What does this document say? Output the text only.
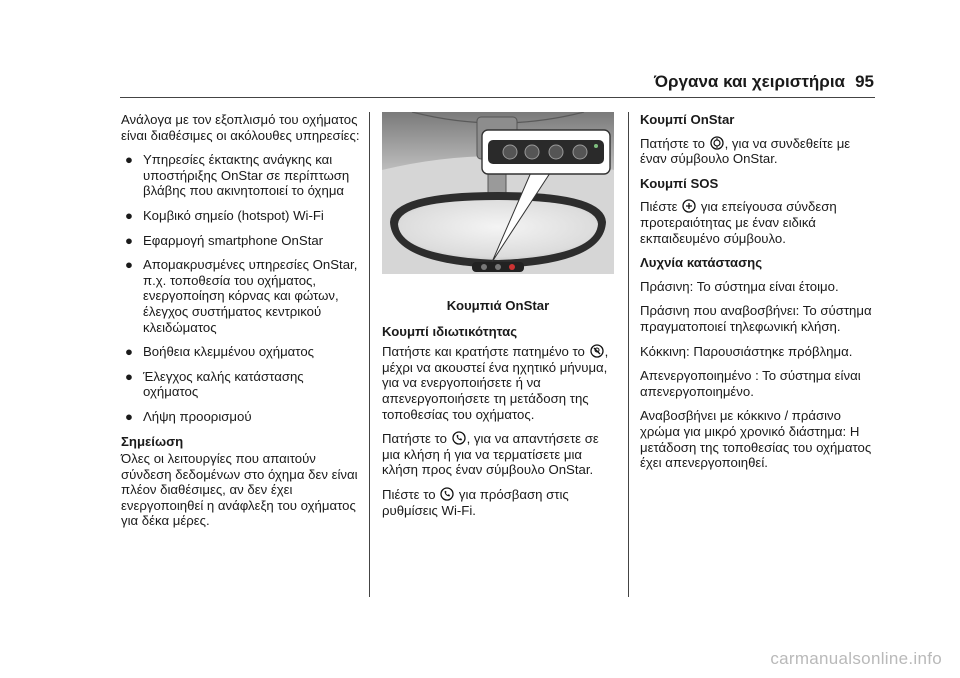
Όργανα και χειριστήρια 95

Ανάλογα με τον εξοπλισμό του οχήματος είναι διαθέσιμες οι ακόλουθες υπηρεσίες:

● Υπηρεσίες έκτακτης ανάγκης και υποστήριξης OnStar σε περίπτωση βλάβης που ακινητοποιεί το όχημα
● Κομβικό σημείο (hotspot) Wi-Fi
● Εφαρμογή smartphone OnStar
● Απομακρυσμένες υπηρεσίες OnStar, π.χ. τοποθεσία του οχήματος, ενεργοποίηση κόρνας και φώτων, έλεγχος συστήματος κεντρικού κλειδώματος
● Βοήθεια κλεμμένου οχήματος
● Έλεγχος καλής κατάστασης οχήματος
● Λήψη προορισμού

Σημείωση

Όλες οι λειτουργίες που απαιτούν σύνδεση δεδομένων στο όχημα δεν είναι πλέον διαθέσιμες, αν δεν έχει ενεργοποιηθεί η ανάφλεξη του οχήματος για δέκα μέρες.

Κουμπιά OnStar

Κουμπί ιδιωτικότητας

Πατήστε και κρατήστε πατημένο το , μέχρι να ακουστεί ένα ηχητικό μήνυμα, για να ενεργοποιήσετε ή να απενεργοποιήσετε τη μετάδοση της τοποθεσίας του οχήματος.

Πατήστε το , για να απαντήσετε σε μια κλήση ή για να τερματίσετε μια κλήση προς έναν σύμβουλο OnStar.

Πιέστε το  για πρόσβαση στις ρυθμίσεις Wi-Fi.

Κουμπί OnStar

Πατήστε το , για να συνδεθείτε με έναν σύμβουλο OnStar.

Κουμπί SOS

Πιέστε  για επείγουσα σύνδεση προτεραιότητας με έναν ειδικά εκπαιδευμένο σύμβουλο.

Λυχνία κατάστασης

Πράσινη: Το σύστημα είναι έτοιμο.

Πράσινη που αναβοσβήνει: Το σύστημα πραγματοποιεί τηλεφωνική κλήση.

Κόκκινη: Παρουσιάστηκε πρόβλημα.

Απενεργοποιημένο : Το σύστημα είναι απενεργοποιημένο.

Αναβοσβήνει με κόκκινο / πράσινο χρώμα για μικρό χρονικό διάστημα: Η μετάδοση της τοποθεσίας του οχήματος έχει απενεργοποιηθεί.

carmanualsonline.info
